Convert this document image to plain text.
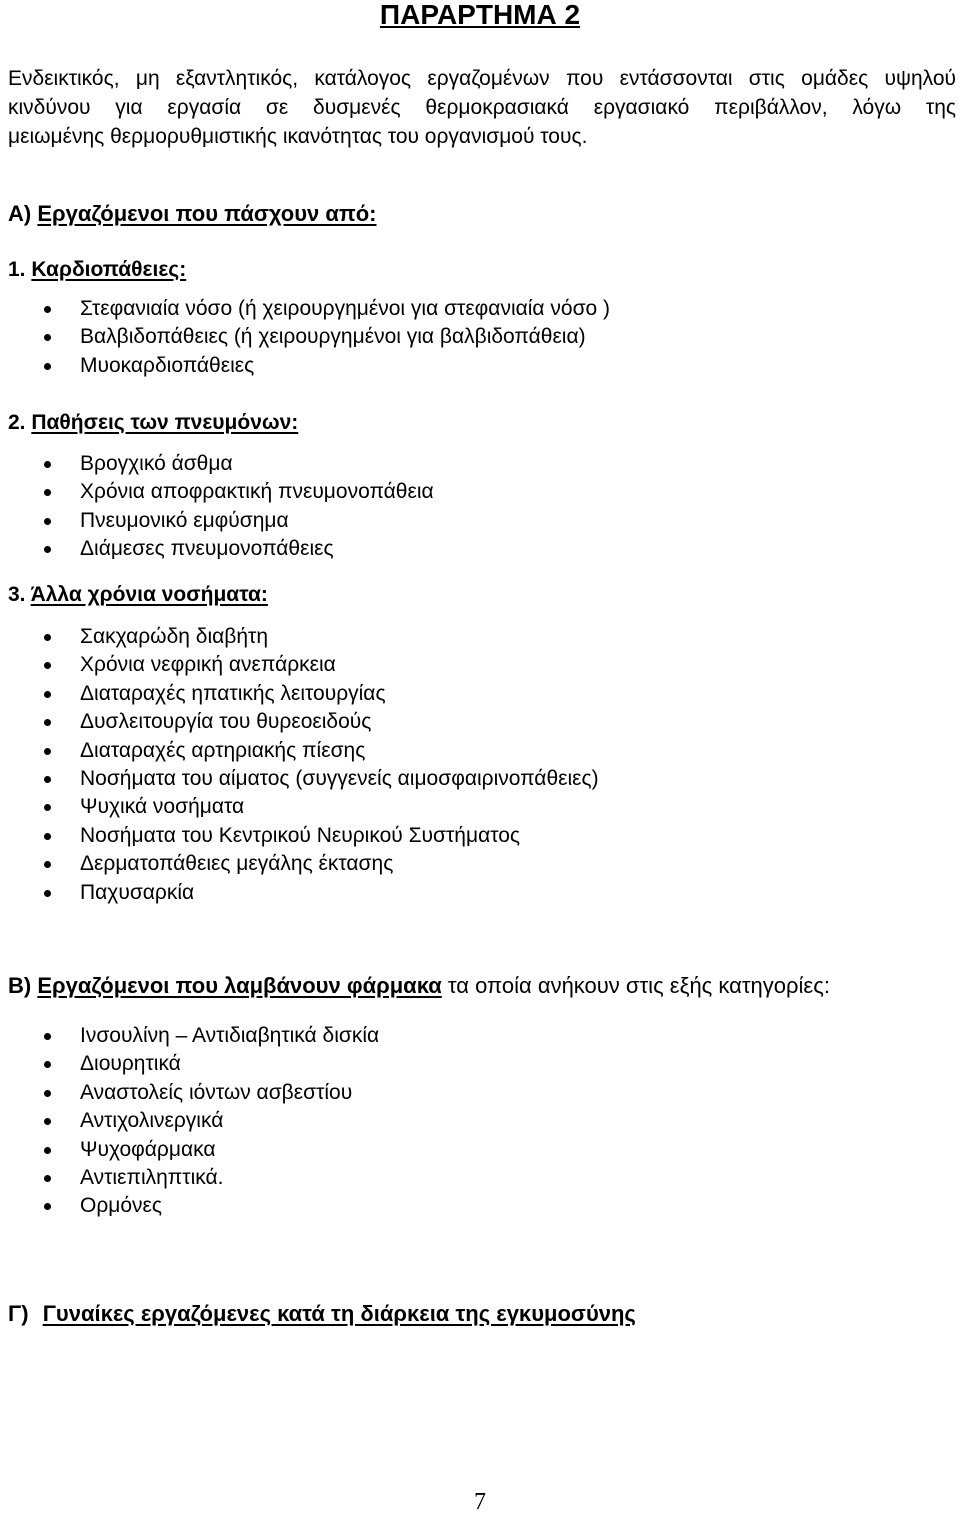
ΠΑΡΑΡΤΗΜΑ 2
Ενδεικτικός, μη εξαντλητικός, κατάλογος εργαζομένων που εντάσσονται στις ομάδες υψηλού
κινδύνου για εργασία σε δυσμενές θερμοκρασιακά εργασιακό περιβάλλον, λόγω της
μειωμένης θερμορυθμιστικής ικανότητας του οργανισμού τους.
Α) Εργαζόμενοι που πάσχουν από:
1. Καρδιοπάθειες:
Στεφανιαία νόσο (ή χειρουργημένοι για στεφανιαία νόσο )
Βαλβιδοπάθειες (ή χειρουργημένοι για βαλβιδοπάθεια)
Μυοκαρδιοπάθειες
2. Παθήσεις των πνευμόνων:
Βρογχικό άσθμα
Χρόνια αποφρακτική πνευμονοπάθεια
Πνευμονικό εμφύσημα
Διάμεσες πνευμονοπάθειες
3. Άλλα χρόνια νοσήματα:
Σακχαρώδη διαβήτη
Χρόνια νεφρική ανεπάρκεια
Διαταραχές ηπατικής λειτουργίας
Δυσλειτουργία του θυρεοειδούς
Διαταραχές αρτηριακής πίεσης
Νοσήματα του αίματος (συγγενείς αιμοσφαιρινοπάθειες)
Ψυχικά νοσήματα
Νοσήματα του Κεντρικού Νευρικού Συστήματος
Δερματοπάθειες μεγάλης έκτασης
Παχυσαρκία
Β) Εργαζόμενοι που λαμβάνουν φάρμακα τα οποία ανήκουν στις εξής κατηγορίες:
Ινσουλίνη – Αντιδιαβητικά δισκία
Διουρητικά
Αναστολείς ιόντων ασβεστίου
Αντιχολινεργικά
Ψυχοφάρμακα
Αντιεπιληπτικά.
Ορμόνες
Γ) Γυναίκες εργαζόμενες κατά τη διάρκεια της εγκυμοσύνης
7
